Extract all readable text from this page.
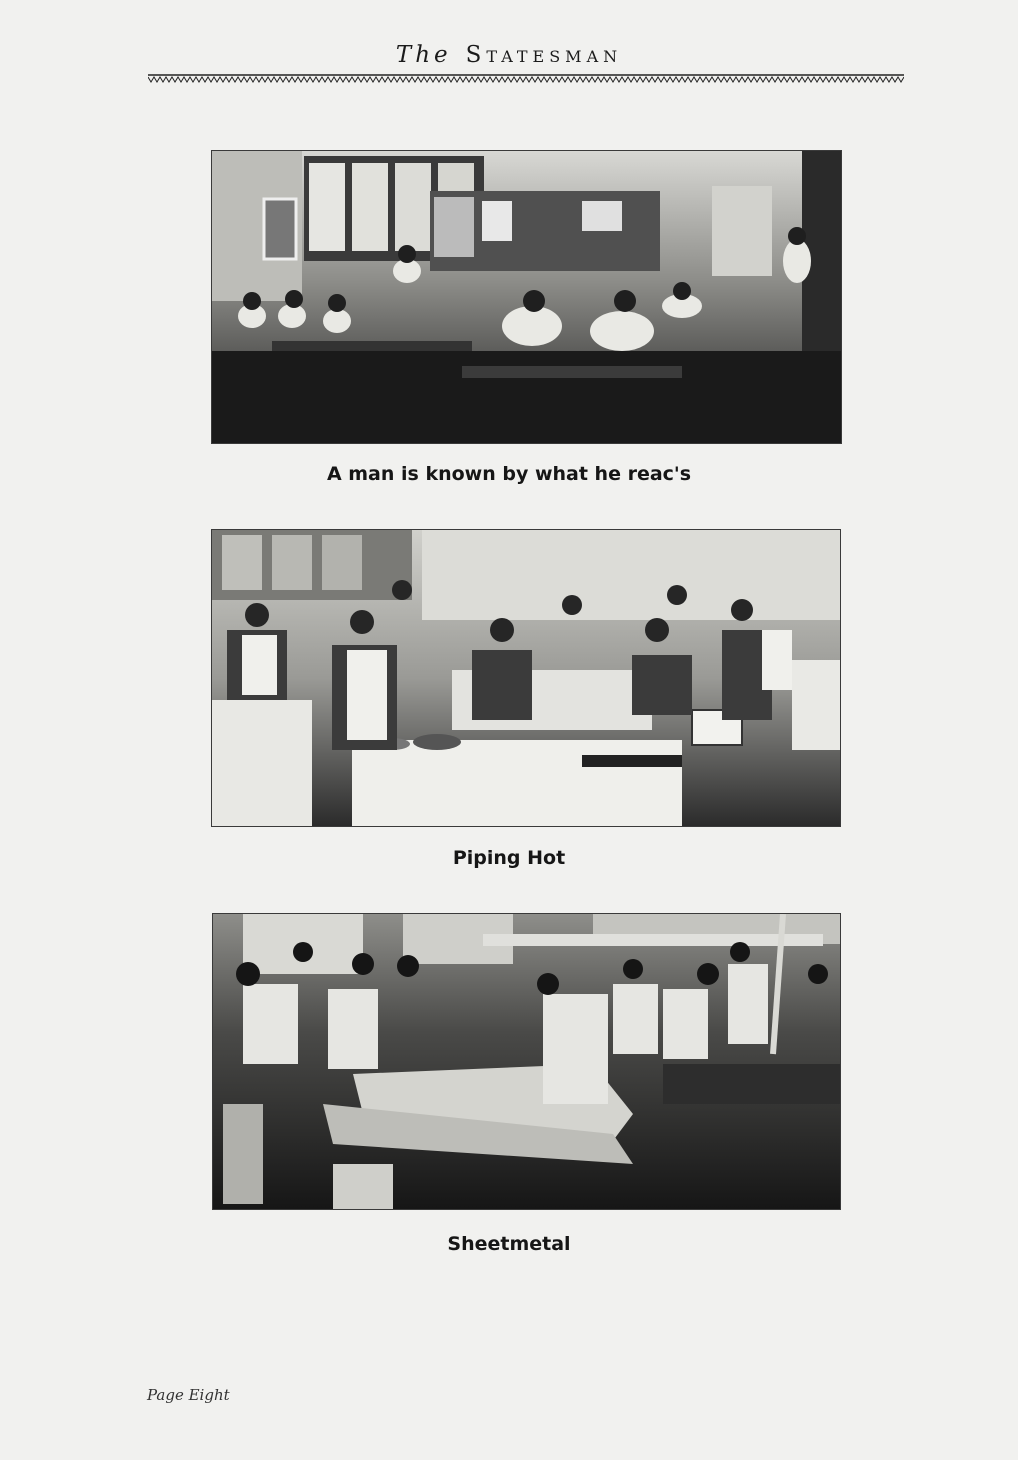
The Statesman
A man is known by what he reac's
Piping Hot
Sheetmetal
Page Eight
